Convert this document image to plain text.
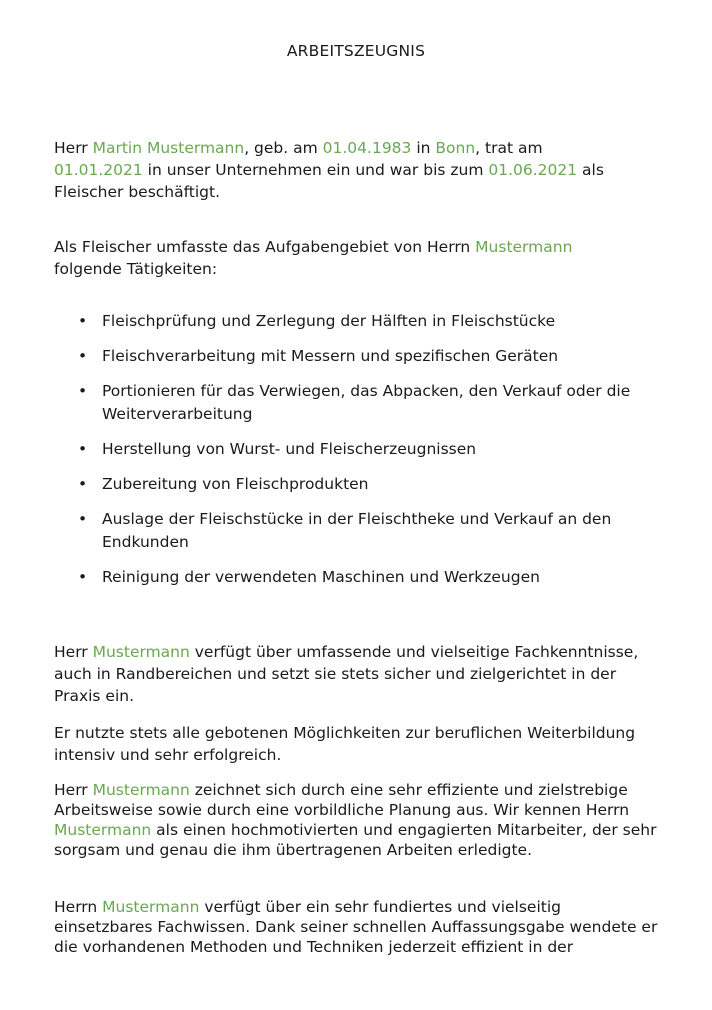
ARBEITSZEUGNIS

Herr Martin Mustermann, geb. am 01.04.1983 in Bonn, trat am
01.01.2021 in unser Unternehmen ein und war bis zum 01.06.2021 als Fleischer beschäftigt.

Als Fleischer umfasste das Aufgabengebiet von Herrn Mustermann
folgende Tätigkeiten:

• Fleischprüfung und Zerlegung der Hälften in Fleischstücke
• Fleischverarbeitung mit Messern und spezifischen Geräten
• Portionieren für das Verwiegen, das Abpacken, den Verkauf oder die Weiterverarbeitung
• Herstellung von Wurst- und Fleischerzeugnissen
• Zubereitung von Fleischprodukten
• Auslage der Fleischstücke in der Fleischtheke und Verkauf an den Endkunden
• Reinigung der verwendeten Maschinen und Werkzeugen

Herr Mustermann verfügt über umfassende und vielseitige Fachkenntnisse, auch in Randbereichen und setzt sie stets sicher und zielgerichtet in der Praxis ein.

Er nutzte stets alle gebotenen Möglichkeiten zur beruflichen Weiterbildung intensiv und sehr erfolgreich.

Herr Mustermann zeichnet sich durch eine sehr effiziente und zielstrebige Arbeitsweise sowie durch eine vorbildliche Planung aus. Wir kennen Herrn Mustermann als einen hochmotivierten und engagierten Mitarbeiter, der sehr sorgsam und genau die ihm übertragenen Arbeiten erledigte.

Herrn Mustermann verfügt über ein sehr fundiertes und vielseitig einsetzbares Fachwissen. Dank seiner schnellen Auffassungsgabe wendete er die vorhandenen Methoden und Techniken jederzeit effizient in der
